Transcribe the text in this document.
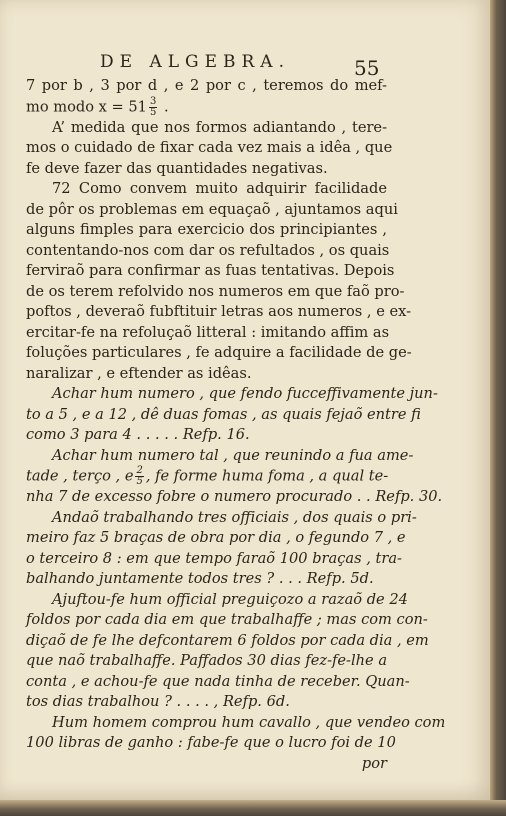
DE ALGEBRA.	55

7 por b , 3 por d , e 2 por c , teremos do mef-
mo modo $x = 51 \frac{3}{5}$ .

A’ medida que nos formos adiantando , tere-
mos o cuidado de fixar cada vez mais a idêa , que
fe deve fazer das quantidades negativas.

72 Como convem muito adquirir facilidade
de pôr os problemas em equaçaõ , ajuntamos aqui
alguns fimples para exercicio dos principiantes ,
contentando-nos com dar os refultados , os quais
ferviraõ para confirmar as fuas tentativas. Depois
de os terem refolvido nos numeros em que faõ pro-
poftos , deveraõ fubftituir letras aos numeros , e ex-
ercitar-fe na refoluçaõ litteral : imitando affim as
foluções particulares , fe adquire a facilidade de ge-
naralizar , e eftender as idêas.

Achar hum numero , que fendo fucceffivamente jun-
to a 5 , e a 12 , dê duas fomas , as quais fejaõ entre fi
como 3 para 4 . . . . . Refp. 16.

Achar hum numero tal , que reunindo a fua ame-
tade , terço , e $\frac{2}{5}$ , fe forme huma foma , a qual te-
nha 7 de excesso fobre o numero procurado . . Refp. 30.

Andaõ trabalhando tres officiais , dos quais o pri-
meiro faz 5 braças de obra por dia , o fegundo 7 , e
o terceiro 8 : em que tempo faraõ 100 braças , tra-
balhando juntamente todos tres ? . . . Refp. 5d.

Ajuftou-fe hum official preguiçozo a razaõ de 24
foldos por cada dia em que trabalhaffe ; mas com con-
diçaõ de fe lhe defcontarem 6 foldos por cada dia , em
que naõ trabalhaffe. Paffados 30 dias fez-fe-lhe a
conta , e achou-fe que nada tinha de receber. Quan-
tos dias trabalhou ? . . . . , Refp. 6d.

Hum homem comprou hum cavallo , que vendeo com
100 libras de ganho : fabe-fe que o lucro foi de 10
por
